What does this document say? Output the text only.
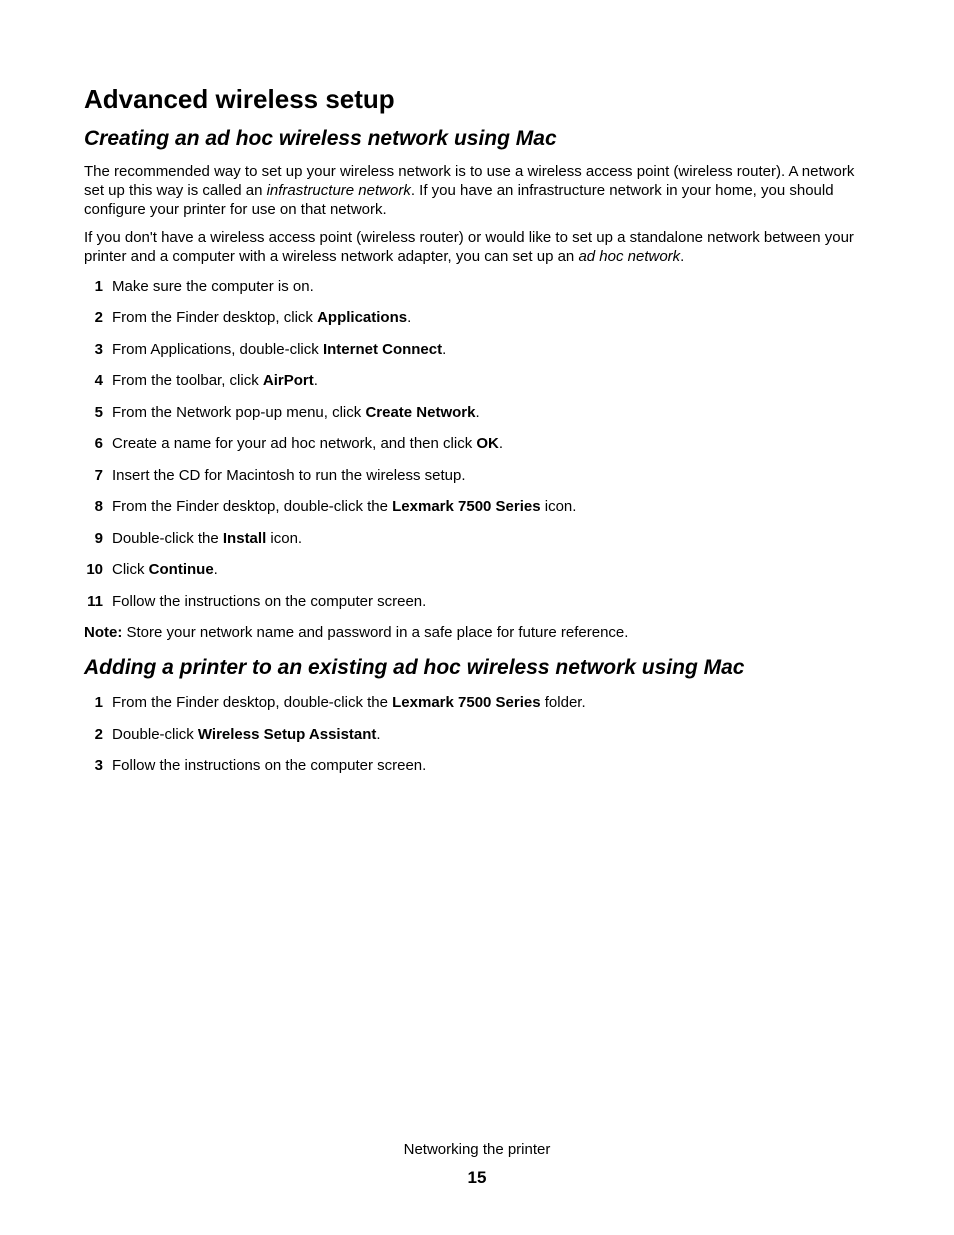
Advanced wireless setup
Creating an ad hoc wireless network using Mac

The recommended way to set up your wireless network is to use a wireless access point (wireless router). A network set up this way is called an infrastructure network. If you have an infrastructure network in your home, you should configure your printer for use on that network.

If you don't have a wireless access point (wireless router) or would like to set up a standalone network between your printer and a computer with a wireless network adapter, you can set up an ad hoc network.

1 Make sure the computer is on.
2 From the Finder desktop, click Applications.
3 From Applications, double-click Internet Connect.
4 From the toolbar, click AirPort.
5 From the Network pop-up menu, click Create Network.
6 Create a name for your ad hoc network, and then click OK.
7 Insert the CD for Macintosh to run the wireless setup.
8 From the Finder desktop, double-click the Lexmark 7500 Series icon.
9 Double-click the Install icon.
10 Click Continue.
11 Follow the instructions on the computer screen.

Note: Store your network name and password in a safe place for future reference.

Adding a printer to an existing ad hoc wireless network using Mac
1 From the Finder desktop, double-click the Lexmark 7500 Series folder.
2 Double-click Wireless Setup Assistant.
3 Follow the instructions on the computer screen.
Networking the printer
15
